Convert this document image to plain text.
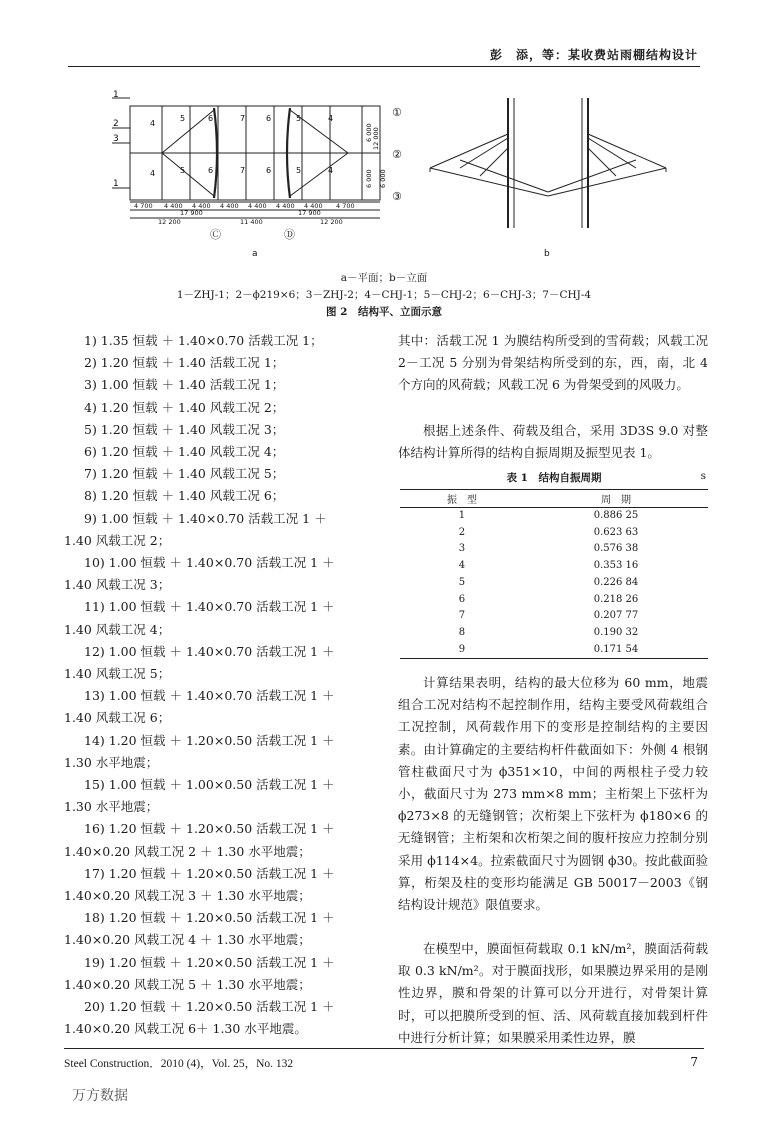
彭　添，等：某收费站雨棚结构设计
1
2
3
1
4
5	6	7	6	5	4
4	5	6	7	6	5	4
①
②
③
Ⓒ	Ⓓ
4 700 4 400 4 400 4 400 4 400 4 400 4 400 4 700
17 900	17 900
12 200	11 400	12 200
6 000 12 000
6 000 6 000
a	b
a－平面；b－立面
1－ZHJ-1；2－ϕ219×6；3－ZHJ-2；4－CHJ-1；5－CHJ-2；6－CHJ-3；7－CHJ-4
图 2　结构平、立面示意
1) 1.35 恒载 ＋ 1.40×0.70 活载工况 1；
2) 1.20 恒载 ＋ 1.40 活载工况 1；
3) 1.00 恒载 ＋ 1.40 活载工况 1；
4) 1.20 恒载 ＋ 1.40 风载工况 2；
5) 1.20 恒载 ＋ 1.40 风载工况 3；
6) 1.20 恒载 ＋ 1.40 风载工况 4；
7) 1.20 恒载 ＋ 1.40 风载工况 5；
8) 1.20 恒载 ＋ 1.40 风载工况 6；
9) 1.00 恒载 ＋ 1.40×0.70 活载工况 1 ＋
1.40 风载工况 2；
10) 1.00 恒载 ＋ 1.40×0.70 活载工况 1 ＋
1.40 风载工况 3；
11) 1.00 恒载 ＋ 1.40×0.70 活载工况 1 ＋
1.40 风载工况 4；
12) 1.00 恒载 ＋ 1.40×0.70 活载工况 1 ＋
1.40 风载工况 5；
13) 1.00 恒载 ＋ 1.40×0.70 活载工况 1 ＋
1.40 风载工况 6；
14) 1.20 恒载 ＋ 1.20×0.50 活载工况 1 ＋
1.30 水平地震；
15) 1.00 恒载 ＋ 1.00×0.50 活载工况 1 ＋
1.30 水平地震；
16) 1.20 恒载 ＋ 1.20×0.50 活载工况 1 ＋
1.40×0.20 风载工况 2 ＋ 1.30 水平地震；
17) 1.20 恒载 ＋ 1.20×0.50 活载工况 1 ＋
1.40×0.20 风载工况 3 ＋ 1.30 水平地震；
18) 1.20 恒载 ＋ 1.20×0.50 活载工况 1 ＋
1.40×0.20 风载工况 4 ＋ 1.30 水平地震；
19) 1.20 恒载 ＋ 1.20×0.50 活载工况 1 ＋
1.40×0.20 风载工况 5 ＋ 1.30 水平地震；
20) 1.20 恒载 ＋ 1.20×0.50 活载工况 1 ＋
1.40×0.20 风载工况 6＋ 1.30 水平地震。
其中：活载工况 1 为膜结构所受到的雪荷载；风载工况 2－工况 5 分别为骨架结构所受到的东，西，南，北 4 个方向的风荷载；风载工况 6 为骨架受到的风吸力。
根据上述条件、荷载及组合，采用 3D3S 9.0 对整体结构计算所得的结构自振周期及振型见表 1。
表 1　结构自振周期	s
振　型	周　期
1	0.886 25
2	0.623 63
3	0.576 38
4	0.353 16
5	0.226 84
6	0.218 26
7	0.207 77
8	0.190 32
9	0.171 54
计算结果表明，结构的最大位移为 60 mm，地震组合工况对结构不起控制作用，结构主要受风荷载组合工况控制，风荷载作用下的变形是控制结构的主要因素。由计算确定的主要结构杆件截面如下：外侧 4 根钢管柱截面尺寸为 ϕ351×10，中间的两根柱子受力较小，截面尺寸为 273 mm×8 mm；主桁架上下弦杆为 ϕ273×8 的无缝钢管；次桁架上下弦杆为 ϕ180×6 的无缝钢管；主桁架和次桁架之间的腹杆按应力控制分别采用 ϕ114×4。拉索截面尺寸为圆钢 ϕ30。按此截面验算，桁架及柱的变形均能满足 GB 50017－2003《钢结构设计规范》限值要求。
在模型中，膜面恒荷载取 0.1 kN/m²，膜面活荷载取 0.3 kN/m²。对于膜面找形，如果膜边界采用的是刚性边界，膜和骨架的计算可以分开进行，对骨架计算时，可以把膜所受到的恒、活、风荷载直接加载到杆件中进行分析计算；如果膜采用柔性边界，膜
Steel Construction．2010 (4)，Vol. 25，No. 132	7
万方数据
